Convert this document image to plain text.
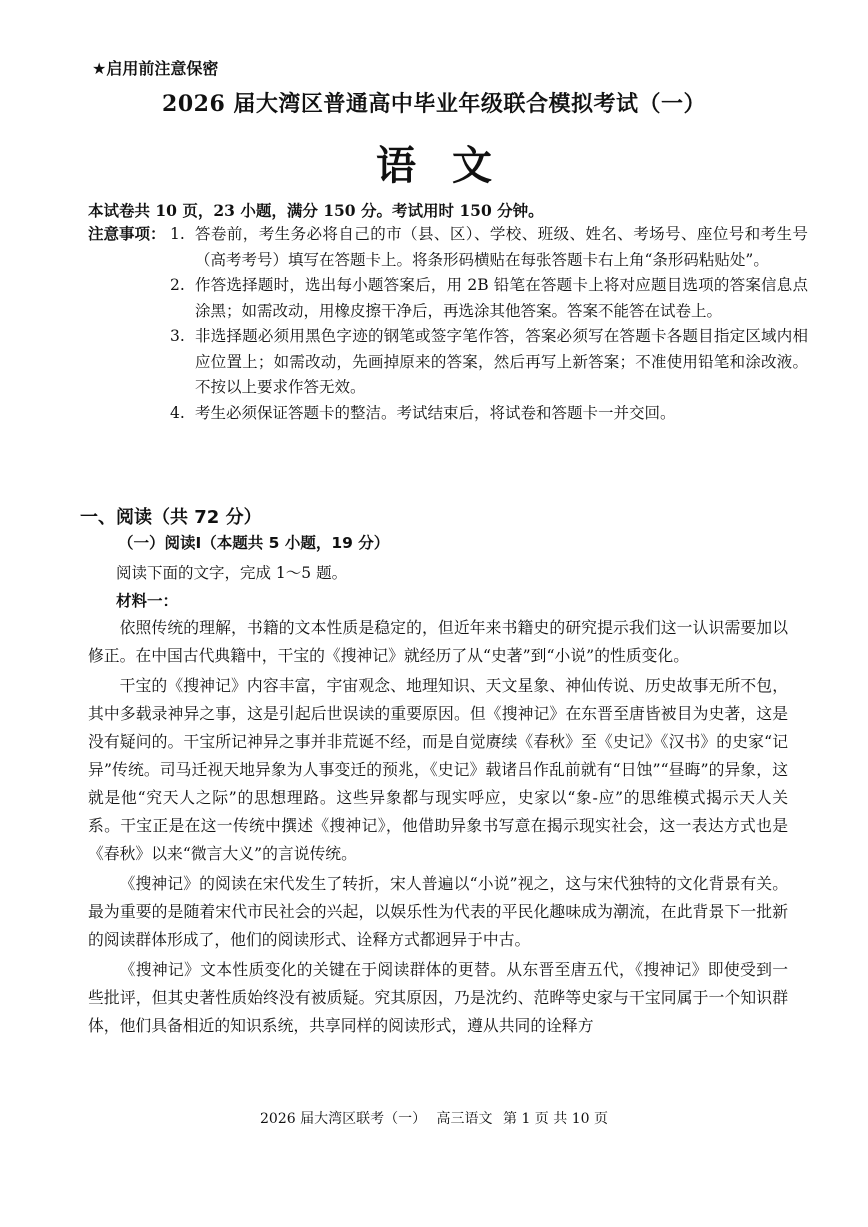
★启用前注意保密
2026 届大湾区普通高中毕业年级联合模拟考试（一）
语文
本试卷共 10 页，23 小题，满分 150 分。考试用时 150 分钟。
注意事项： 1. 答卷前，考生务必将自己的市（县、区）、学校、班级、姓名、考场号、座位号和考生号（高考考号）填写在答题卡上。将条形码横贴在每张答题卡右上角“条形码粘贴处”。
2. 作答选择题时，选出每小题答案后，用 2B 铅笔在答题卡上将对应题目选项的答案信息点涂黑；如需改动，用橡皮擦干净后，再选涂其他答案。答案不能答在试卷上。
3. 非选择题必须用黑色字迹的钢笔或签字笔作答，答案必须写在答题卡各题目指定区域内相应位置上；如需改动，先画掉原来的答案，然后再写上新答案；不准使用铅笔和涂改液。不按以上要求作答无效。
4. 考生必须保证答题卡的整洁。考试结束后，将试卷和答题卡一并交回。
一、阅读（共 72 分）
（一）阅读Ⅰ（本题共 5 小题，19 分）
阅读下面的文字，完成 1～5 题。
材料一：

依照传统的理解，书籍的文本性质是稳定的，但近年来书籍史的研究提示我们这一认识需要加以修正。在中国古代典籍中，干宝的《搜神记》就经历了从“史著”到“小说”的性质变化。

干宝的《搜神记》内容丰富，宇宙观念、地理知识、天文星象、神仙传说、历史故事无所不包，其中多载录神异之事，这是引起后世误读的重要原因。但《搜神记》在东晋至唐皆被目为史著，这是没有疑问的。干宝所记神异之事并非荒诞不经，而是自觉赓续《春秋》至《史记》《汉书》的史家“记异”传统。司马迁视天地异象为人事变迁的预兆，《史记》载诸吕作乱前就有“日蚀”“昼晦”的异象，这就是他“究天人之际”的思想理路。这些异象都与现实呼应，史家以“象-应”的思维模式揭示天人关系。干宝正是在这一传统中撰述《搜神记》，他借助异象书写意在揭示现实社会，这一表达方式也是《春秋》以来“微言大义”的言说传统。

《搜神记》的阅读在宋代发生了转折，宋人普遍以“小说”视之，这与宋代独特的文化背景有关。最为重要的是随着宋代市民社会的兴起，以娱乐性为代表的平民化趣味成为潮流，在此背景下一批新的阅读群体形成了，他们的阅读形式、诠释方式都迥异于中古。

《搜神记》文本性质变化的关键在于阅读群体的更替。从东晋至唐五代，《搜神记》即使受到一些批评，但其史著性质始终没有被质疑。究其原因，乃是沈约、范晔等史家与干宝同属于一个知识群体，他们具备相近的知识系统，共享同样的阅读形式，遵从共同的诠释方

2026 届大湾区联考（一） 高三语文 第 1 页 共 10 页
